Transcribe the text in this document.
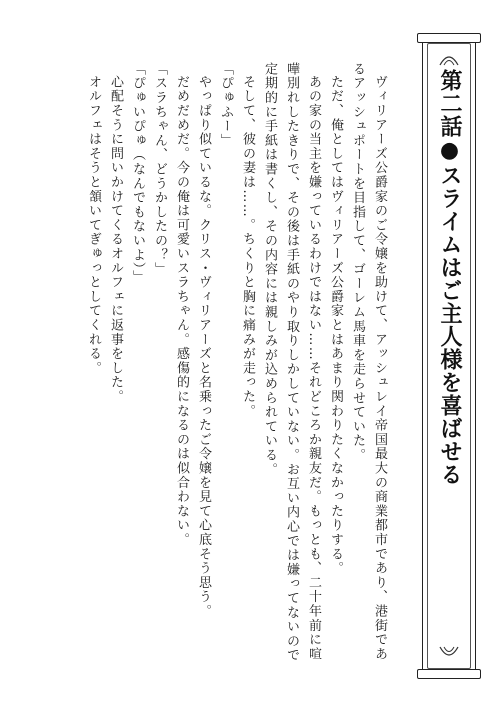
第二話●スライムはご主人様を喜ばせる

ヴィリアーズ公爵家のご令嬢を助けて、アッシュレイ帝国最大の商業都市であり、港街であるアッシュポートを目指して、ゴーレム馬車を走らせていた。

ただ、俺としてはヴィリアーズ公爵家とはあまり関わりたくなかったりする。

あの家の当主を嫌っているわけではない……それどころか親友だ。もっとも、二十年前に喧嘩別れしたきりで、その後は手紙のやり取りしかしていない。お互い内心では嫌ってないので定期的に手紙は書くし、その内容には親しみが込められている。

そして、彼の妻は……。ちくりと胸に痛みが走った。

「ぴゅふー」

やっぱり似ているな。クリス・ヴィリアーズと名乗ったご令嬢を見て心底そう思う。

だめだめだ。今の俺は可愛いスラちゃん。感傷的になるのは似合わない。

「スラちゃん、どうかしたの？」

「ぴゅいぴゅ（なんでもないよ）」

心配そうに問いかけてくるオルフェに返事をした。

オルフェはそうと頷いてぎゅっとしてくれる。
